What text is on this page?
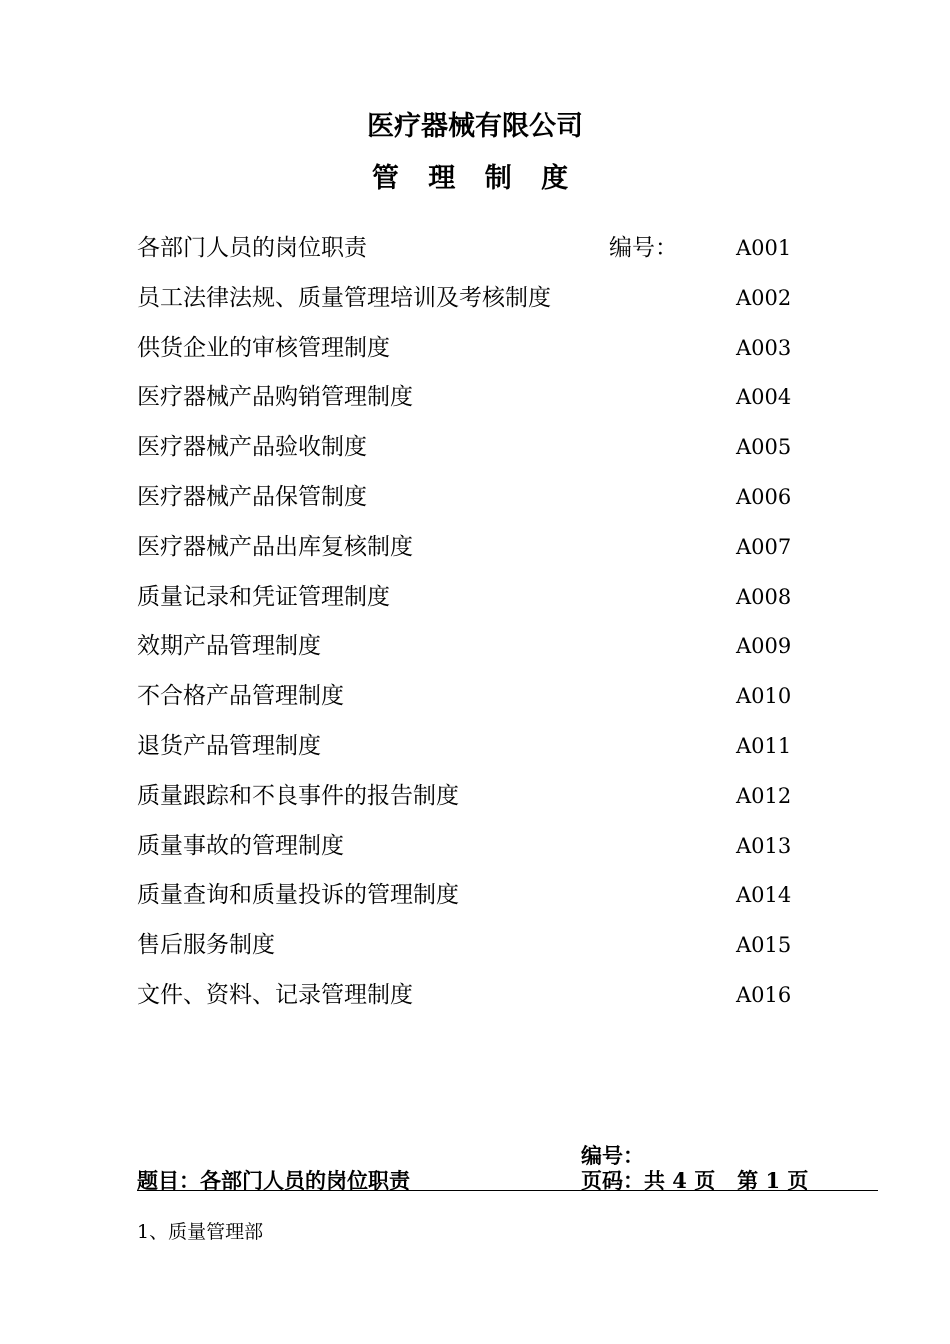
医疗器械有限公司
管 理 制 度
各部门人员的岗位职责	编号：	A001
员工法律法规、质量管理培训及考核制度	A002
供货企业的审核管理制度	A003
医疗器械产品购销管理制度	A004
医疗器械产品验收制度	A005
医疗器械产品保管制度	A006
医疗器械产品出库复核制度	A007
质量记录和凭证管理制度	A008
效期产品管理制度	A009
不合格产品管理制度	A010
退货产品管理制度	A011
质量跟踪和不良事件的报告制度	A012
质量事故的管理制度	A013
质量查询和质量投诉的管理制度	A014
售后服务制度	A015
文件、资料、记录管理制度	A016
编号：
题目：各部门人员的岗位职责	页码：共 4 页   第 1 页
1、质量管理部
